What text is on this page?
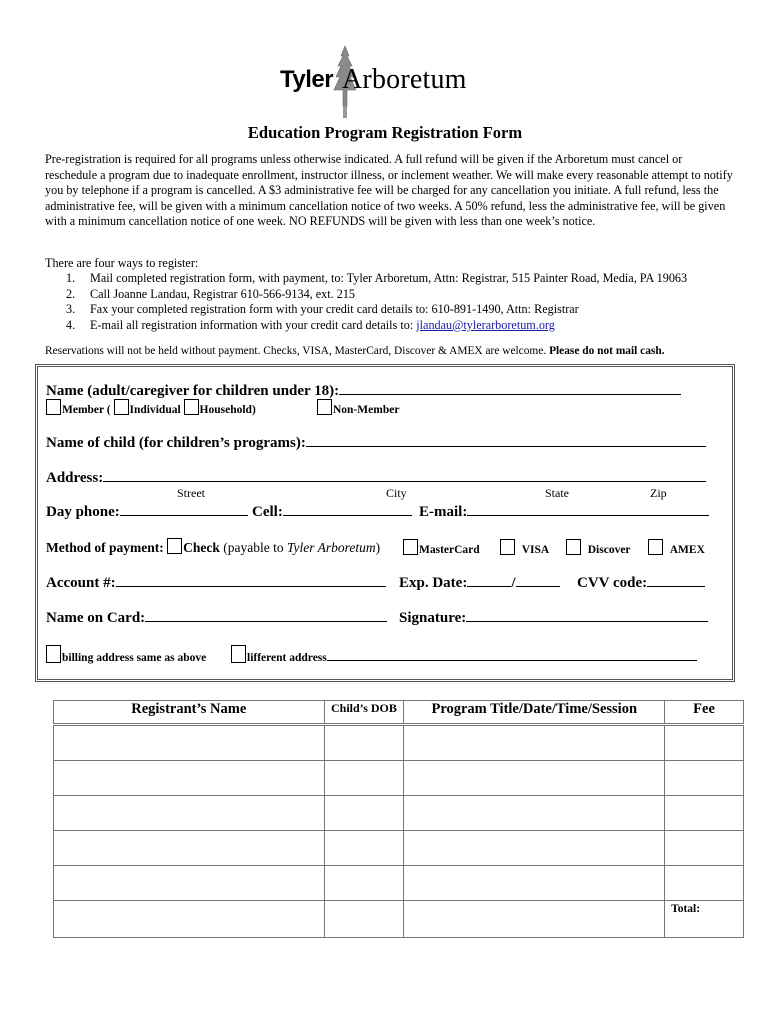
Tyler Arboretum
Education Program Registration Form
Pre-registration is required for all programs unless otherwise indicated. A full refund will be given if the Arboretum must cancel or reschedule a program due to inadequate enrollment, instructor illness, or inclement weather. We will make every reasonable attempt to notify you by telephone if a program is cancelled. A $3 administrative fee will be charged for any cancellation you initiate. A full refund, less the administrative fee, will be given with a minimum cancellation notice of two weeks. A 50% refund, less the administrative fee, will be given with a minimum cancellation notice of one week. NO REFUNDS will be given with less than one week’s notice.
There are four ways to register:
1. Mail completed registration form, with payment, to: Tyler Arboretum, Attn: Registrar, 515 Painter Road, Media, PA 19063
2. Call Joanne Landau, Registrar 610-566-9134, ext. 215
3. Fax your completed registration form with your credit card details to: 610-891-1490, Attn: Registrar
4. E-mail all registration information with your credit card details to: jlandau@tylerarboretum.org
Reservations will not be held without payment. Checks, VISA, MasterCard, Discover & AMEX are welcome. Please do not mail cash.
Name (adult/caregiver for children under 18):
Member ( Individual Household)	Non-Member
Name of child (for children’s programs):
Address:
Street	City	State	Zip
Day phone:	Cell:	E-mail:
Method of payment: Check (payable to Tyler Arboretum)	MasterCard	VISA	Discover	AMEX
Account #:	Exp. Date:	/	CVV code:
Name on Card:	Signature:
billing address same as above	lifferent address
Registrant’s Name	Child’s DOB	Program Title/Date/Time/Session	Fee

			Total:
